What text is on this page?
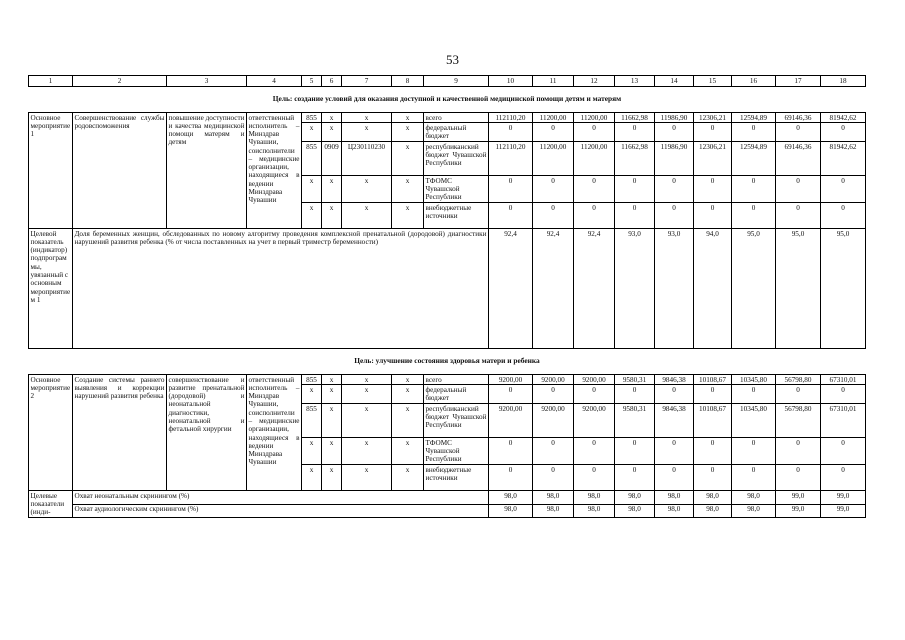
53
1	2	3	4	5	6	7	8	9	10	11	12	13	14	15	16	17	18
Цель: создание условий для оказания доступной и качественной медицинской помощи детям и матерям																	
Основное мероприятие 1	Совершенствование службы родовспоможения	повышение доступности и качества медицинской помощи матерям и детям	ответственный исполнитель – Минздрав Чувашии, соисполнители – медицинские организации, находящиеся в ведении Минздрава Чувашии	855	х	х	х	всего	112110,20	11200,00	11200,00	11662,98	11986,90	12306,21	12594,89	69146,36	81942,62
				х	х	х	х	федеральный бюджет	0	0	0	0	0	0	0	0	0
				855	0909	Ц230110230	х	республиканский бюджет Чувашской Республики	112110,20	11200,00	11200,00	11662,98	11986,90	12306,21	12594,89	69146,36	81942,62
				х	х	х	х	ТФОМС Чувашской Республики	0	0	0	0	0	0	0	0	0
				х	х	х	х	внебюджетные источники	0	0	0	0	0	0	0	0	0
Целевой показатель (индикатор) подпрограммы, увязанный с основным мероприятием 1	Доля беременных женщин, обследованных по новому алгоритму проведения комплексной пренатальной (дородовой) диагностики нарушений развития ребенка (% от числа поставленных на учет в первый триместр беременности)								92,4	92,4	92,4	93,0	93,0	94,0	95,0	95,0	95,0
Цель: улучшение состояния здоровья матери и ребенка																	
Основное мероприятие 2	Создание системы раннего выявления и коррекции нарушений развития ребенка	совершенствование и развитие пренатальной (дородовой) и неонатальной диагностики, неонатальной и фетальной хирургии	ответственный исполнитель – Минздрав Чувашии, соисполнители – медицинские организации, находящиеся в ведении Минздрава Чувашии	855	х	х	х	всего	9200,00	9200,00	9200,00	9580,31	9846,38	10108,67	10345,80	56798,80	67310,01
				х	х	х	х	федеральный бюджет	0	0	0	0	0	0	0	0	0
				855	х	х	х	республиканский бюджет Чувашской Республики	9200,00	9200,00	9200,00	9580,31	9846,38	10108,67	10345,80	56798,80	67310,01
				х	х	х	х	ТФОМС Чувашской Республики	0	0	0	0	0	0	0	0	0
				х	х	х	х	внебюджетные источники	0	0	0	0	0	0	0	0	0
Целевые показатели (инди-	Охват неонатальным скринингом (%)								98,0	98,0	98,0	98,0	98,0	98,0	98,0	99,0	99,0
	Охват аудиологическим скринингом (%)								98,0	98,0	98,0	98,0	98,0	98,0	98,0	99,0	99,0
